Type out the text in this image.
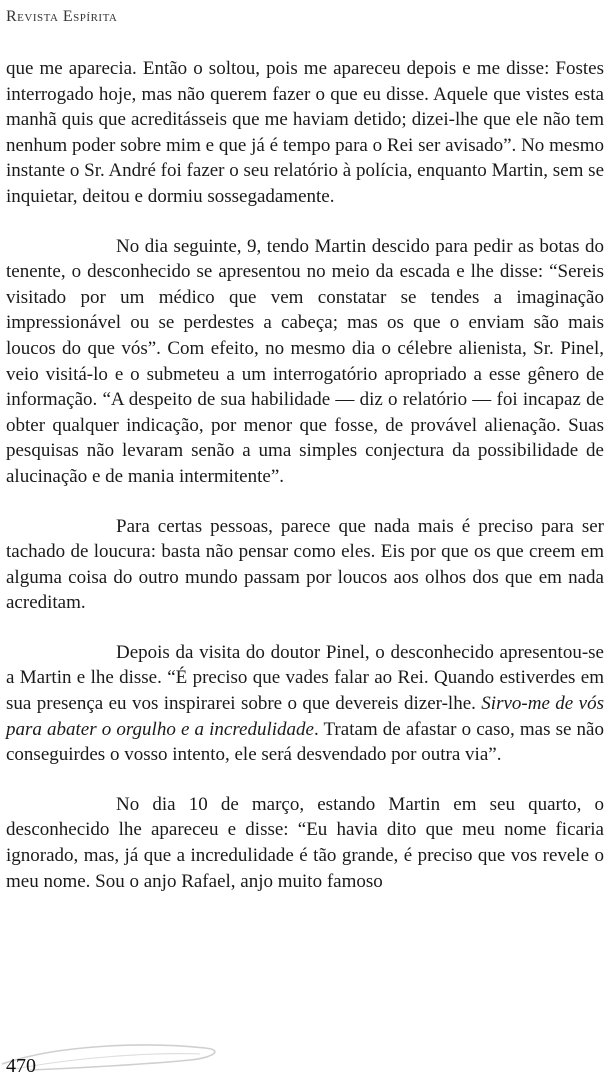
Revista Espírita

que me aparecia. Então o soltou, pois me apareceu depois e me disse: Fostes interrogado hoje, mas não querem fazer o que eu disse. Aquele que vistes esta manhã quis que acreditásseis que me haviam detido; dizei-lhe que ele não tem nenhum poder sobre mim e que já é tempo para o Rei ser avisado”. No mesmo instante o Sr. André foi fazer o seu relatório à polícia, enquanto Martin, sem se inquietar, deitou e dormiu sossegadamente.

No dia seguinte, 9, tendo Martin descido para pedir as botas do tenente, o desconhecido se apresentou no meio da escada e lhe disse: “Sereis visitado por um médico que vem constatar se tendes a imaginação impressionável ou se perdestes a cabeça; mas os que o enviam são mais loucos do que vós”. Com efeito, no mesmo dia o célebre alienista, Sr. Pinel, veio visitá-lo e o submeteu a um interrogatório apropriado a esse gênero de informação. “A despeito de sua habilidade — diz o relatório — foi incapaz de obter qualquer indicação, por menor que fosse, de provável alienação. Suas pesquisas não levaram senão a uma simples conjectura da possibilidade de alucinação e de mania intermitente”.

Para certas pessoas, parece que nada mais é preciso para ser tachado de loucura: basta não pensar como eles. Eis por que os que creem em alguma coisa do outro mundo passam por loucos aos olhos dos que em nada acreditam.

Depois da visita do doutor Pinel, o desconhecido apresentou-se a Martin e lhe disse. “É preciso que vades falar ao Rei. Quando estiverdes em sua presença eu vos inspirarei sobre o que devereis dizer-lhe. Sirvo-me de vós para abater o orgulho e a incredulidade. Tratam de afastar o caso, mas se não conseguirdes o vosso intento, ele será desvendado por outra via”.

No dia 10 de março, estando Martin em seu quarto, o desconhecido lhe apareceu e disse: “Eu havia dito que meu nome ficaria ignorado, mas, já que a incredulidade é tão grande, é preciso que vos revele o meu nome. Sou o anjo Rafael, anjo muito famoso

470
